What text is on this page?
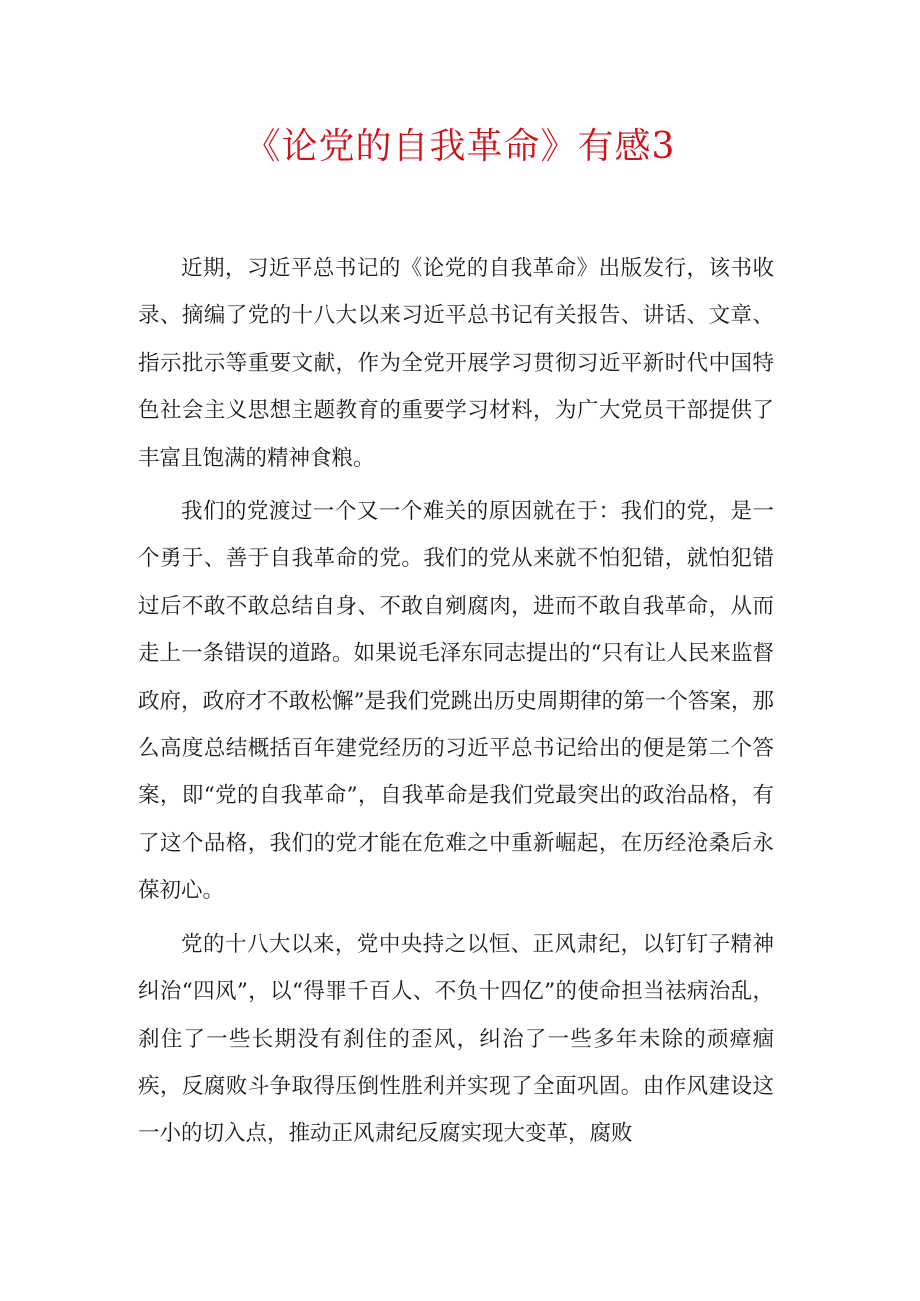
《论党的自我革命》有感3

近期，习近平总书记的《论党的自我革命》出版发行，该书收录、摘编了党的十八大以来习近平总书记有关报告、讲话、文章、指示批示等重要文献，作为全党开展学习贯彻习近平新时代中国特色社会主义思想主题教育的重要学习材料，为广大党员干部提供了丰富且饱满的精神食粮。

我们的党渡过一个又一个难关的原因就在于：我们的党，是一个勇于、善于自我革命的党。我们的党从来就不怕犯错，就怕犯错过后不敢不敢总结自身、不敢自剜腐肉，进而不敢自我革命，从而走上一条错误的道路。如果说毛泽东同志提出的“只有让人民来监督政府，政府才不敢松懈”是我们党跳出历史周期律的第一个答案，那么高度总结概括百年建党经历的习近平总书记给出的便是第二个答案，即“党的自我革命”，自我革命是我们党最突出的政治品格，有了这个品格，我们的党才能在危难之中重新崛起，在历经沧桑后永葆初心。

党的十八大以来，党中央持之以恒、正风肃纪，以钉钉子精神纠治“四风”，以“得罪千百人、不负十四亿”的使命担当祛病治乱，刹住了一些长期没有刹住的歪风，纠治了一些多年未除的顽瘴痼疾，反腐败斗争取得压倒性胜利并实现了全面巩固。由作风建设这一小的切入点，推动正风肃纪反腐实现大变革，腐败
